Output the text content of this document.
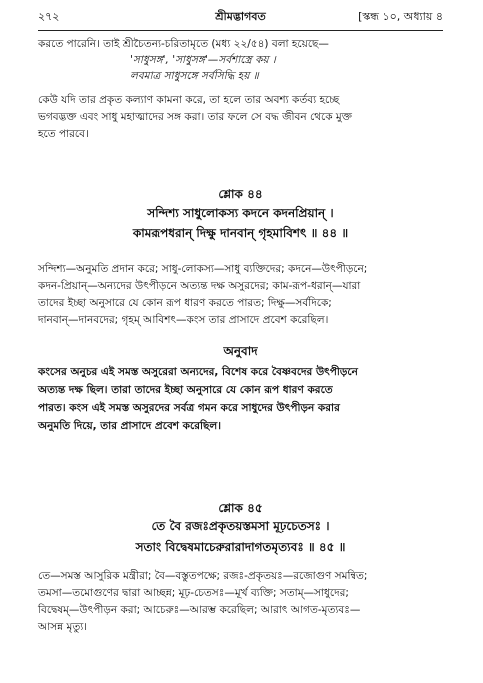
২৭২	শ্রীমদ্ভাগবত	[স্কন্ধ ১০, অধ্যায় ৪
করতে পারেনি। তাই শ্রীচৈতন্য-চরিতামৃতে (মধ্য ২২/৫৪) বলা হয়েছে—
'সাধুসঙ্গ', 'সাধুসঙ্গ'—সর্বশাস্ত্রে কয় ।
লবমাত্র সাধুসঙ্গে সর্বসিদ্ধি হয় ॥
কেউ যদি তার প্রকৃত কল্যাণ কামনা করে, তা হলে তার অবশ্য কর্তব্য হচ্ছে
ভগবদ্ভক্ত এবং সাধু মহাত্মাদের সঙ্গ করা। তার ফলে সে বদ্ধ জীবন থেকে মুক্ত
হতে পারবে।
শ্লোক ৪৪
সন্দিশ্য সাধুলোকস্য কদনে কদনপ্রিয়ান্ ।
কামরূপধরান্ দিক্ষু দানবান্ গৃহমাবিশৎ ॥ ৪৪ ॥
সন্দিশ্য—অনুমতি প্রদান করে; সাধু-লোকস্য—সাধু ব্যক্তিদের; কদনে—উৎপীড়নে;
কদন-প্রিয়ান্—অন্যদের উৎপীড়নে অত্যন্ত দক্ষ অসুরদের; কাম-রূপ-ধরান্—যারা
তাদের ইচ্ছা অনুসারে যে কোন রূপ ধারণ করতে পারত; দিক্ষু—সর্বদিকে;
দানবান্—দানবদের; গৃহম্ আবিশৎ—কংস তার প্রাসাদে প্রবেশ করেছিল।
অনুবাদ
কংসের অনুচর এই সমস্ত অসুরেরা অন্যদের, বিশেষ করে বৈষ্ণবদের উৎপীড়নে
অত্যন্ত দক্ষ ছিল। তারা তাদের ইচ্ছা অনুসারে যে কোন রূপ ধারণ করতে
পারত। কংস এই সমস্ত অসুরদের সর্বত্র গমন করে সাধুদের উৎপীড়ন করার
অনুমতি দিয়ে, তার প্রাসাদে প্রবেশ করেছিল।
শ্লোক ৪৫
তে বৈ রজঃপ্রকৃতয়স্তমসা মূঢ়চেতসঃ ।
সতাং বিদ্বেষমাচেরুরারাদাগতমৃত্যবঃ ॥ ৪৫ ॥
তে—সমস্ত আসুরিক মন্ত্রীরা; বৈ—বস্তুতপক্ষে; রজঃ-প্রকৃতয়ঃ—রজোগুণ সমন্বিত;
তমসা—তমোগুণের দ্বারা আচ্ছন্ন; মূঢ়-চেতসঃ—মূর্খ ব্যক্তি; সতাম্—সাধুদের;
বিদ্বেষম্—উৎপীড়ন করা; আচেরুঃ—আরম্ভ করেছিল; আরাৎ আগত-মৃত্যবঃ—
আসন্ন মৃত্যু।
